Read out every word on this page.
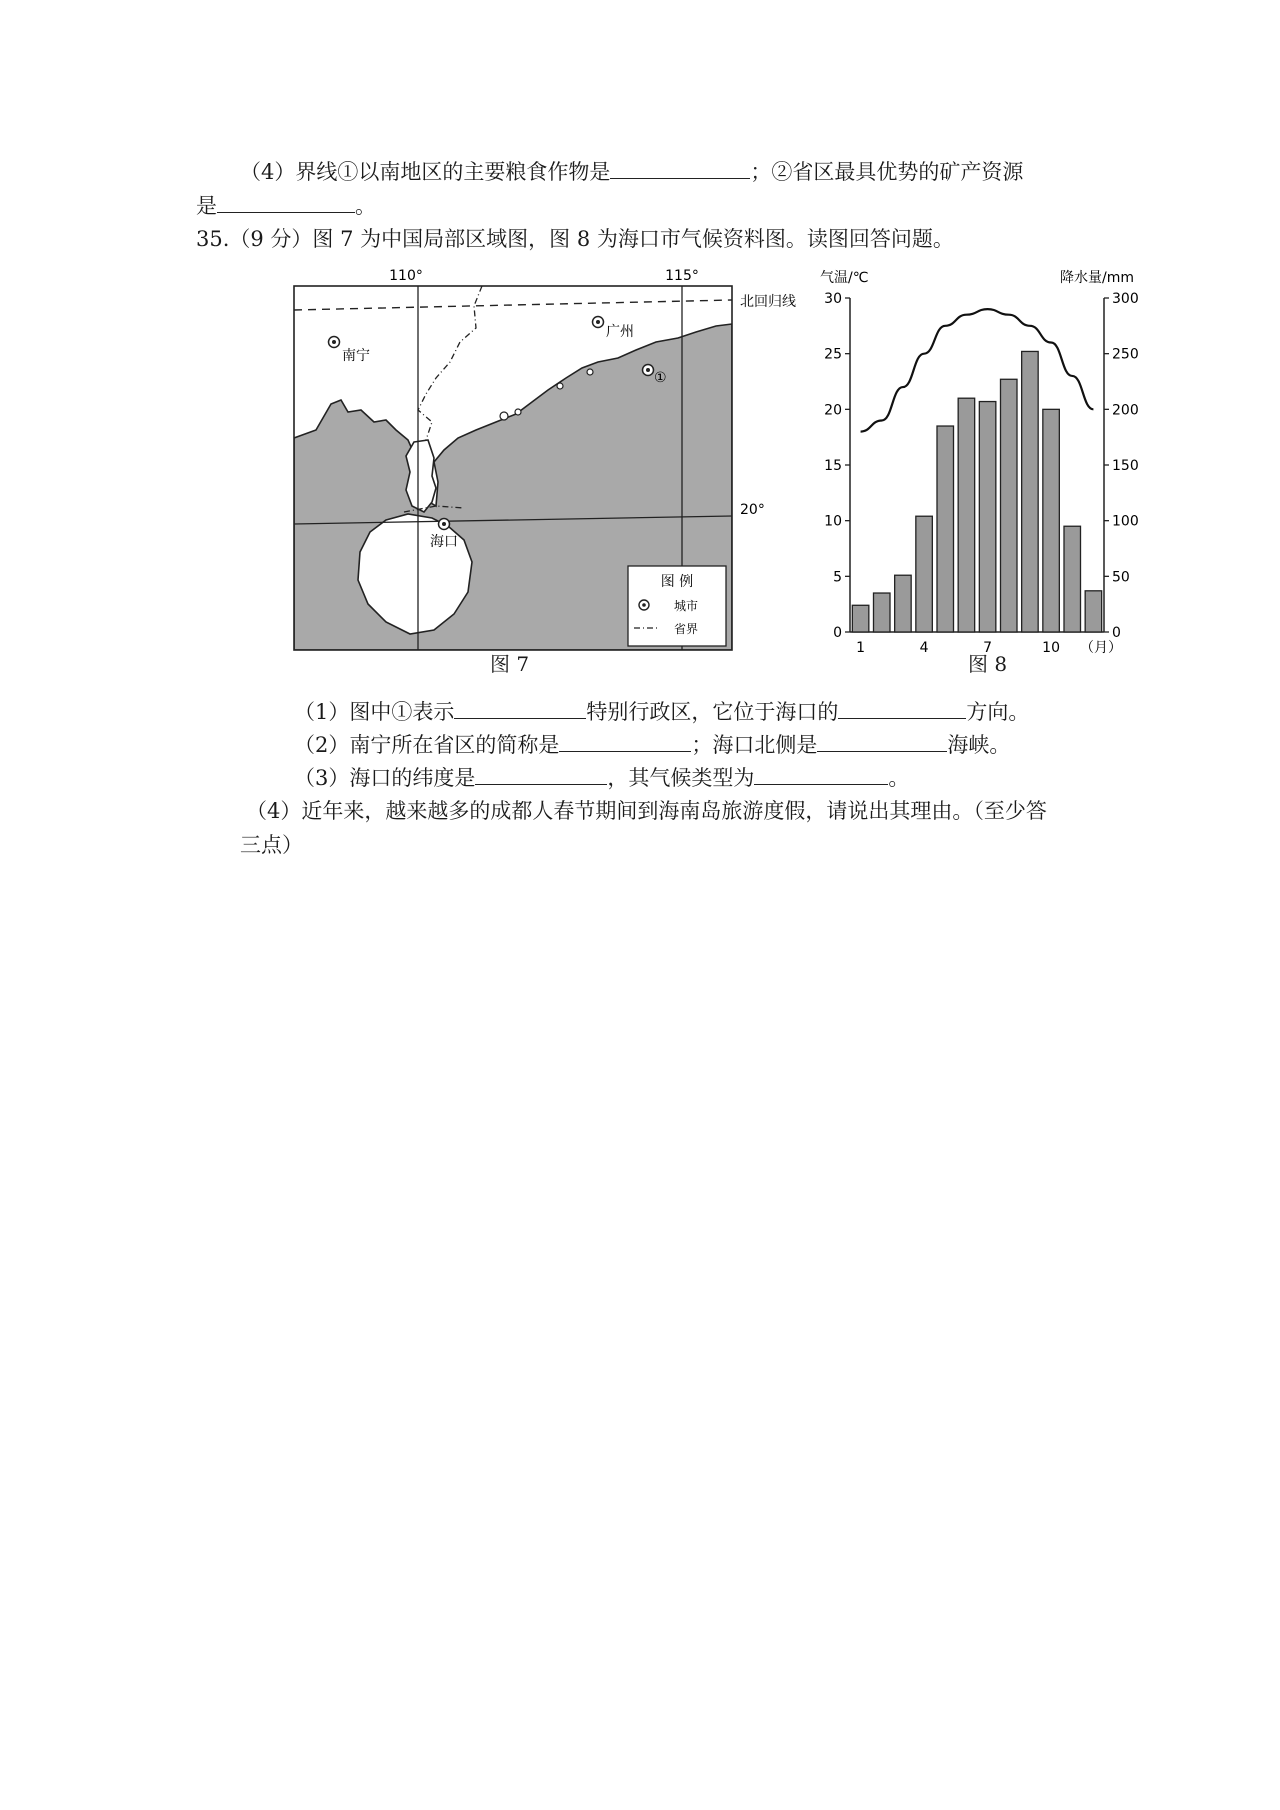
（4）界线①以南地区的主要粮食作物是	；②省区最具优势的矿产资源
是	。
35.（9 分）图 7 为中国局部区域图，图 8 为海口市气候资料图。读图回答问题。
110°	115°
北回归线
20°
南宁
广州
①
海口
图 例
城市
省界
图 7
气温/℃	降水量/mm
0
5
10
15
20
25
30
0
50
100
150
200
250
300
1	4	7	10 （月）
图 8
（1）图中①表示	特别行政区，它位于海口的	方向。
（2）南宁所在省区的简称是	；海口北侧是	海峡。
（3）海口的纬度是	，其气候类型为	。
（4）近年来，越来越多的成都人春节期间到海南岛旅游度假，请说出其理由。（至少答
三点）
